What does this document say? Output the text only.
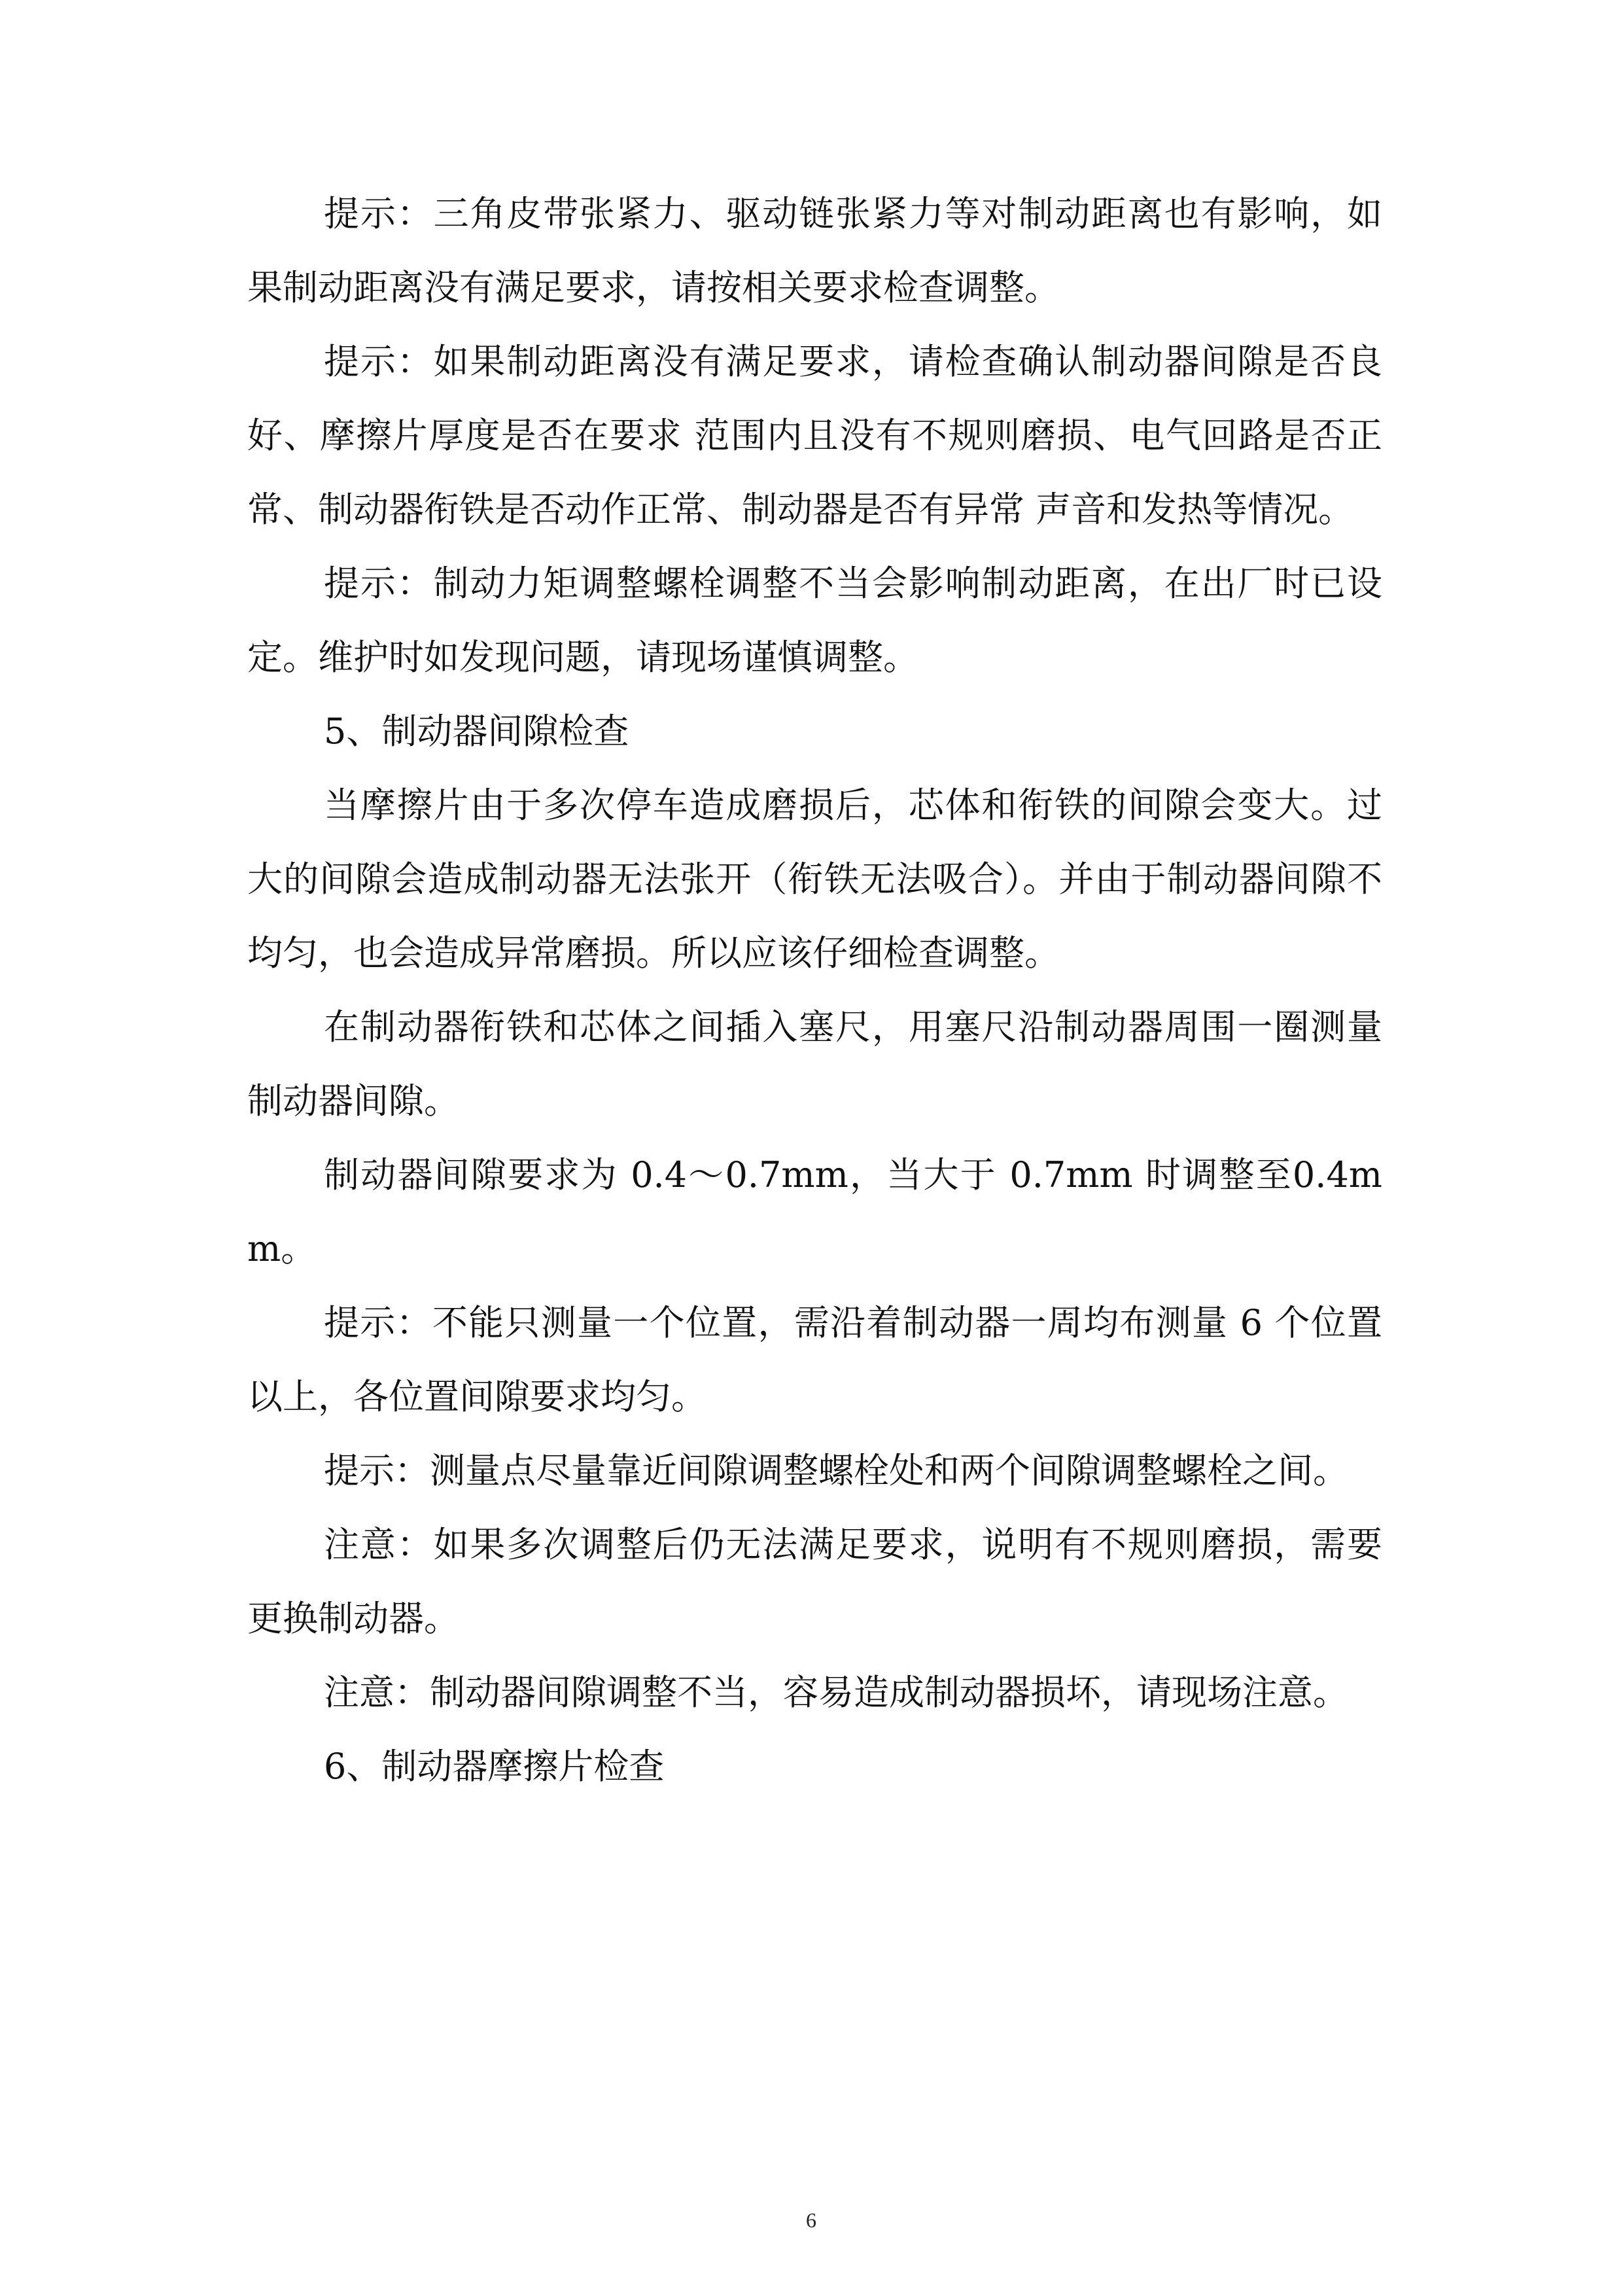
提示：三角皮带张紧力、驱动链张紧力等对制动距离也有影响，如果制动距离没有满足要求，请按相关要求检查调整。

提示：如果制动距离没有满足要求，请检查确认制动器间隙是否良好、摩擦片厚度是否在要求 范围内且没有不规则磨损、电气回路是否正常、制动器衔铁是否动作正常、制动器是否有异常 声音和发热等情况。

提示：制动力矩调整螺栓调整不当会影响制动距离，在出厂时已设定。维护时如发现问题，请现场谨慎调整。

5、制动器间隙检查

当摩擦片由于多次停车造成磨损后，芯体和衔铁的间隙会变大。过大的间隙会造成制动器无法张开（衔铁无法吸合）。并由于制动器间隙不均匀，也会造成异常磨损。所以应该仔细检查调整。

在制动器衔铁和芯体之间插入塞尺，用塞尺沿制动器周围一圈测量制动器间隙。

制动器间隙要求为 0.4～0.7mm，当大于 0.7mm 时调整至0.4mm。

提示：不能只测量一个位置，需沿着制动器一周均布测量 6 个位置以上，各位置间隙要求均匀。

提示：测量点尽量靠近间隙调整螺栓处和两个间隙调整螺栓之间。

注意：如果多次调整后仍无法满足要求，说明有不规则磨损，需要更换制动器。

注意：制动器间隙调整不当，容易造成制动器损坏，请现场注意。

6、制动器摩擦片检查

6
